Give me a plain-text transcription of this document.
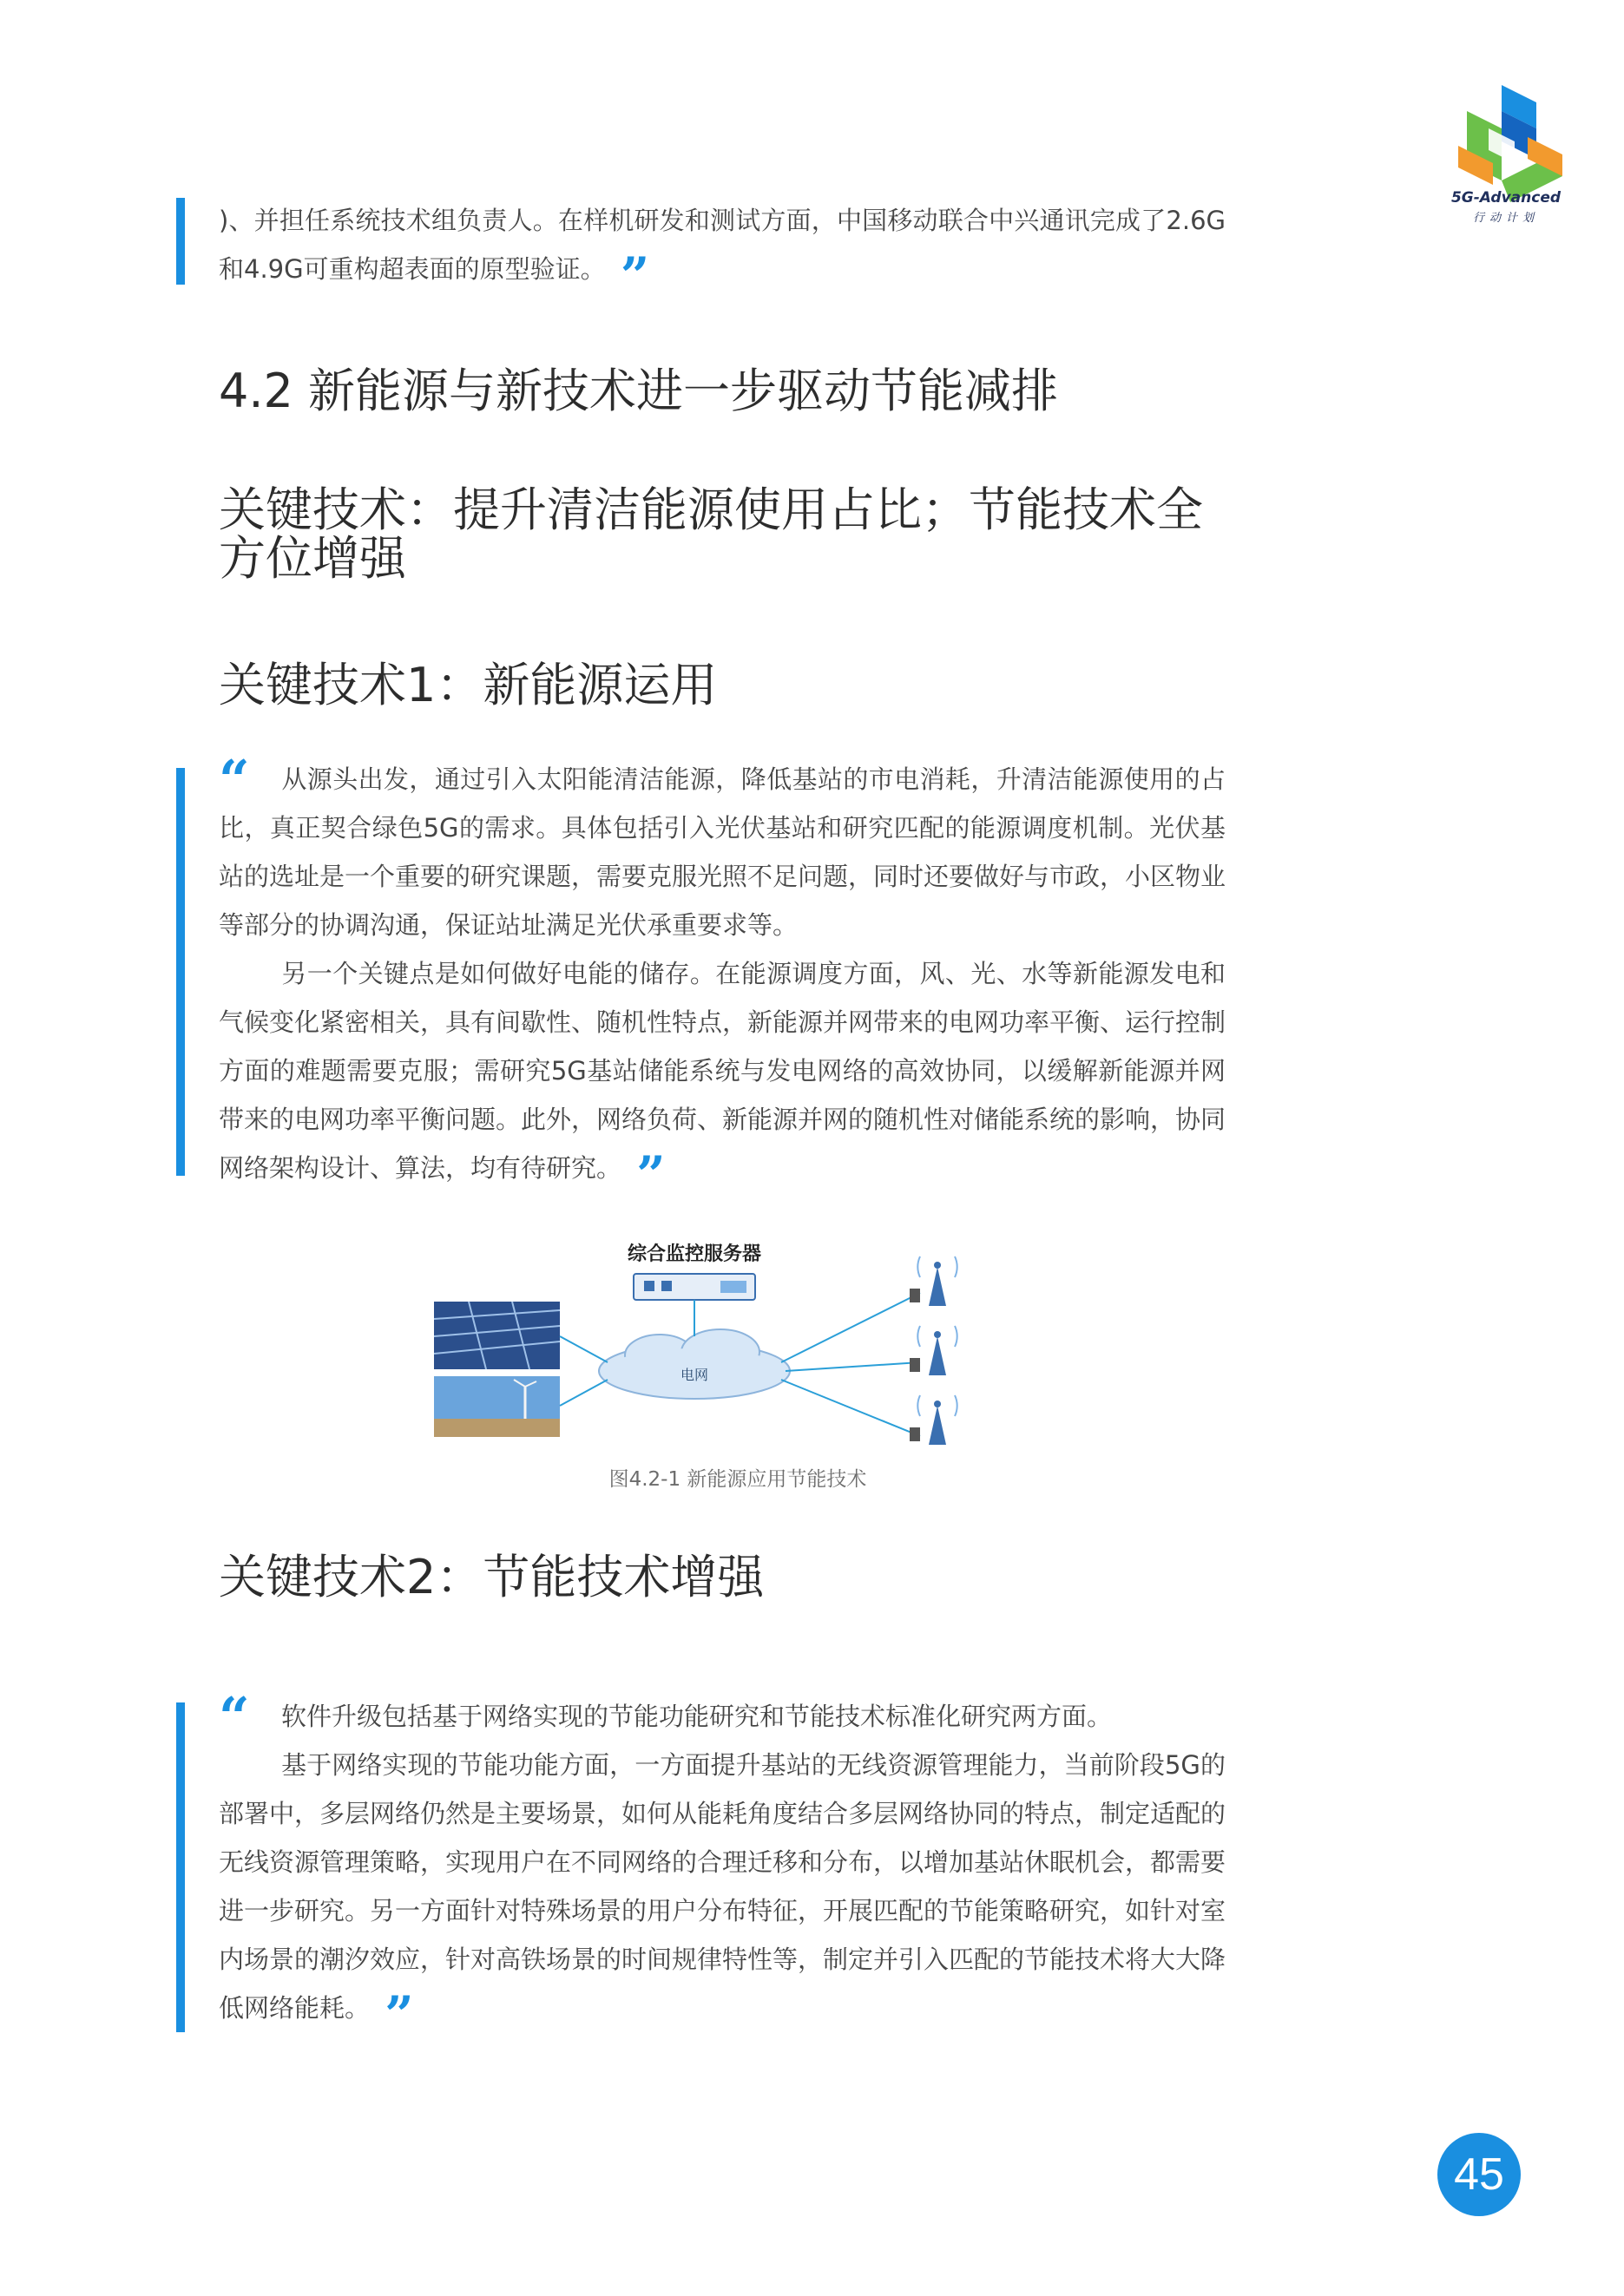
5G-Advanced
行动计划

)、并担任系统技术组负责人。在样机研发和测试方面，中国移动联合中兴通讯完成了2.6G和4.9G可重构超表面的原型验证。 ”

4.2 新能源与新技术进一步驱动节能减排
关键技术：提升清洁能源使用占比；节能技术全方位增强
关键技术1：新能源运用
“	从源头出发，通过引入太阳能清洁能源，降低基站的市电消耗，升清洁能源使用的占比，真正契合绿色5G的需求。具体包括引入光伏基站和研究匹配的能源调度机制。光伏基站的选址是一个重要的研究课题，需要克服光照不足问题，同时还要做好与市政，小区物业等部分的协调沟通，保证站址满足光伏承重要求等。

另一个关键点是如何做好电能的储存。在能源调度方面，风、光、水等新能源发电和气候变化紧密相关，具有间歇性、随机性特点，新能源并网带来的电网功率平衡、运行控制方面的难题需要克服；需研究5G基站储能系统与发电网络的高效协同，以缓解新能源并网带来的电网功率平衡问题。此外，网络负荷、新能源并网的随机性对储能系统的影响，协同网络架构设计、算法，均有待研究。 ”

综合监控服务器
电网
图4.2-1 新能源应用节能技术
关键技术2：节能技术增强
“	软件升级包括基于网络实现的节能功能研究和节能技术标准化研究两方面。

基于网络实现的节能功能方面，一方面提升基站的无线资源管理能力，当前阶段5G的部署中，多层网络仍然是主要场景，如何从能耗角度结合多层网络协同的特点，制定适配的无线资源管理策略，实现用户在不同网络的合理迁移和分布，以增加基站休眠机会，都需要进一步研究。另一方面针对特殊场景的用户分布特征，开展匹配的节能策略研究，如针对室内场景的潮汐效应，针对高铁场景的时间规律特性等，制定并引入匹配的节能技术将大大降低网络能耗。 ”

45
